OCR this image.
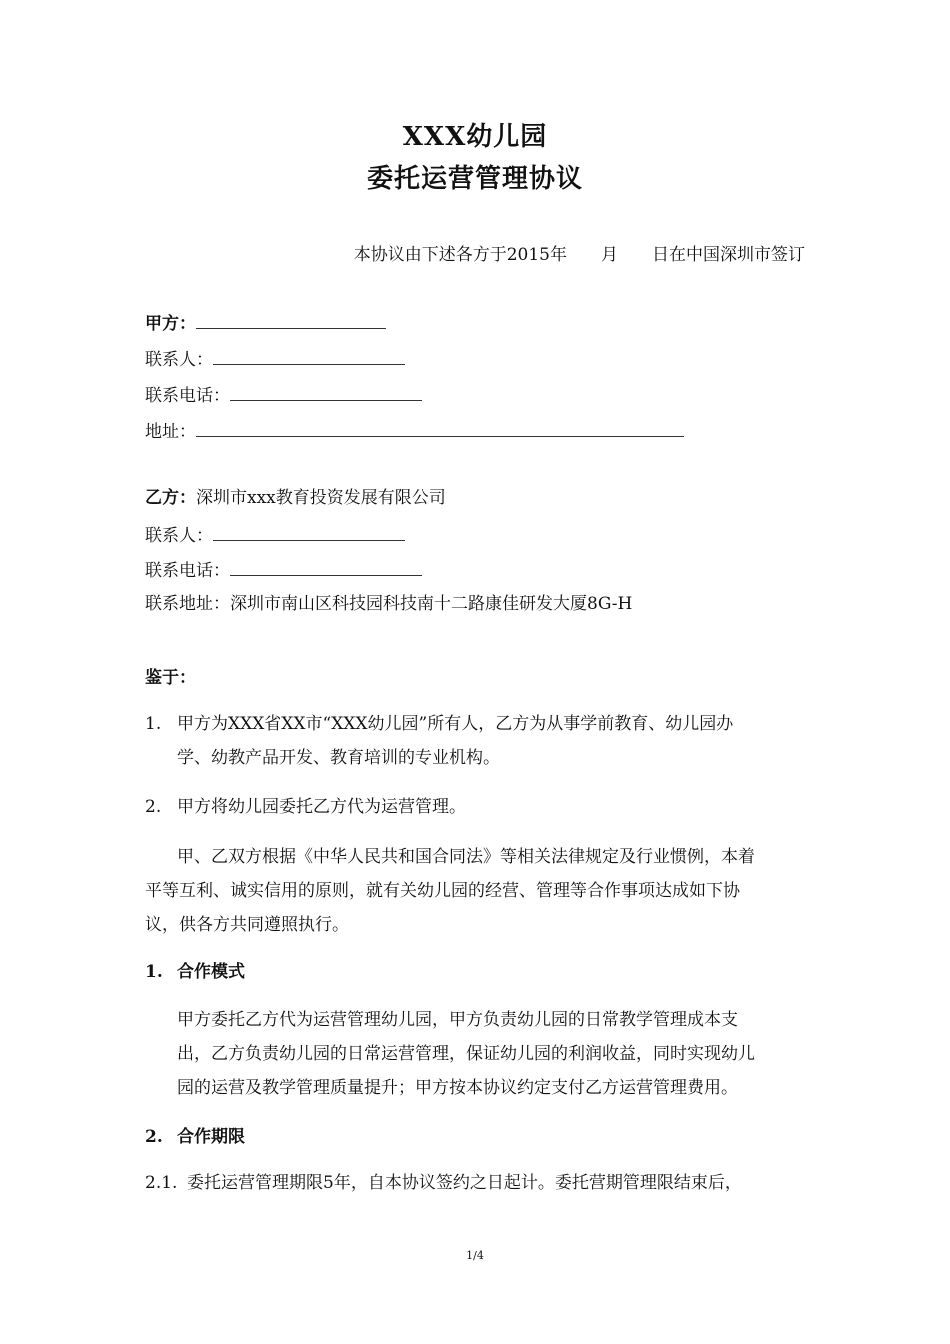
XXX幼儿园
委托运营管理协议
本协议由下述各方于2015年 月 日在中国深圳市签订
甲方：
联系人：
联系电话：
地址：
乙方：深圳市xxx教育投资发展有限公司
联系人：
联系电话：
联系地址：深圳市南山区科技园科技南十二路康佳研发大厦8G-H
鉴于：
1. 甲方为XXX省XX市“XXX幼儿园”所有人，乙方为从事学前教育、幼儿园办
学、幼教产品开发、教育培训的专业机构。
2. 甲方将幼儿园委托乙方代为运营管理。
甲、乙双方根据《中华人民共和国合同法》等相关法律规定及行业惯例，本着
平等互利、诚实信用的原则，就有关幼儿园的经营、管理等合作事项达成如下协
议，供各方共同遵照执行。
1. 合作模式
甲方委托乙方代为运营管理幼儿园，甲方负责幼儿园的日常教学管理成本支
出，乙方负责幼儿园的日常运营管理，保证幼儿园的利润收益，同时实现幼儿
园的运营及教学管理质量提升；甲方按本协议约定支付乙方运营管理费用。
2. 合作期限
2.1. 委托运营管理期限5年，自本协议签约之日起计。委托营期管理限结束后，
1/4
